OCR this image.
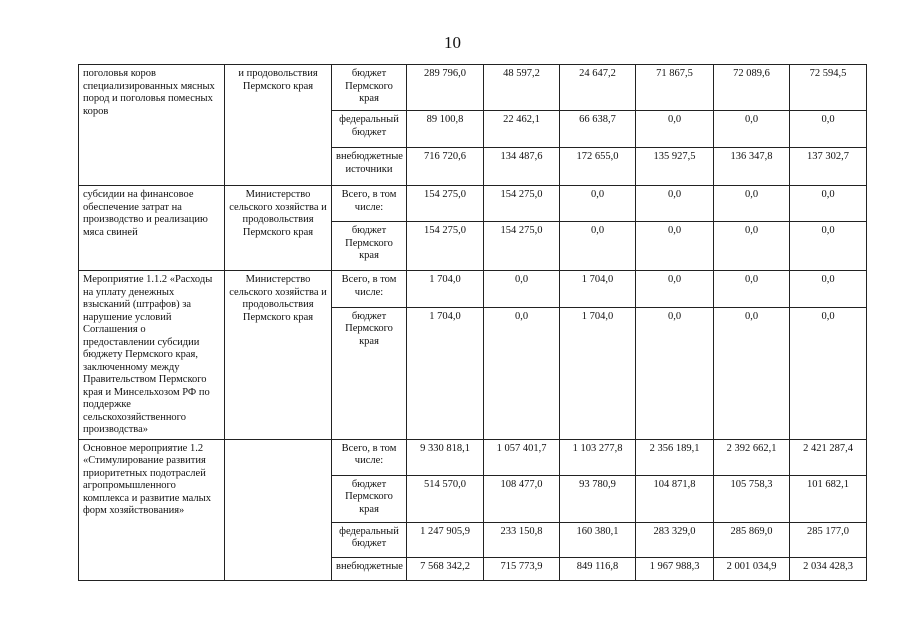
10
поголовья коров специализированных мясных пород и поголовья помесных коров	и продовольствия Пермского края	бюджет Пермского края	289 796,0	48 597,2	24 647,2	71 867,5	72 089,6	72 594,5
		федеральный бюджет	89 100,8	22 462,1	66 638,7	0,0	0,0	0,0
		внебюджетные источники	716 720,6	134 487,6	172 655,0	135 927,5	136 347,8	137 302,7
субсидии на финансовое обеспечение затрат на производство и реализацию мяса свиней	Министерство сельского хозяйства и продовольствия Пермского края	Всего, в том числе:	154 275,0	154 275,0	0,0	0,0	0,0	0,0
		бюджет Пермского края	154 275,0	154 275,0	0,0	0,0	0,0	0,0
Мероприятие 1.1.2 «Расходы на уплату денежных взысканий (штрафов) за нарушение условий Соглашения о предоставлении субсидии бюджету Пермского края, заключенному между Правительством Пермского края и Минсельхозом РФ по поддержке сельскохозяйственного производства»	Министерство сельского хозяйства и продовольствия Пермского края	Всего, в том числе:	1 704,0	0,0	1 704,0	0,0	0,0	0,0
		бюджет Пермского края	1 704,0	0,0	1 704,0	0,0	0,0	0,0
Основное мероприятие 1.2 «Стимулирование развития приоритетных подотраслей агропромышленного комплекса и развитие малых форм хозяйствования»		Всего, в том числе:	9 330 818,1	1 057 401,7	1 103 277,8	2 356 189,1	2 392 662,1	2 421 287,4
		бюджет Пермского края	514 570,0	108 477,0	93 780,9	104 871,8	105 758,3	101 682,1
		федеральный бюджет	1 247 905,9	233 150,8	160 380,1	283 329,0	285 869,0	285 177,0
		внебюджетные	7 568 342,2	715 773,9	849 116,8	1 967 988,3	2 001 034,9	2 034 428,3
